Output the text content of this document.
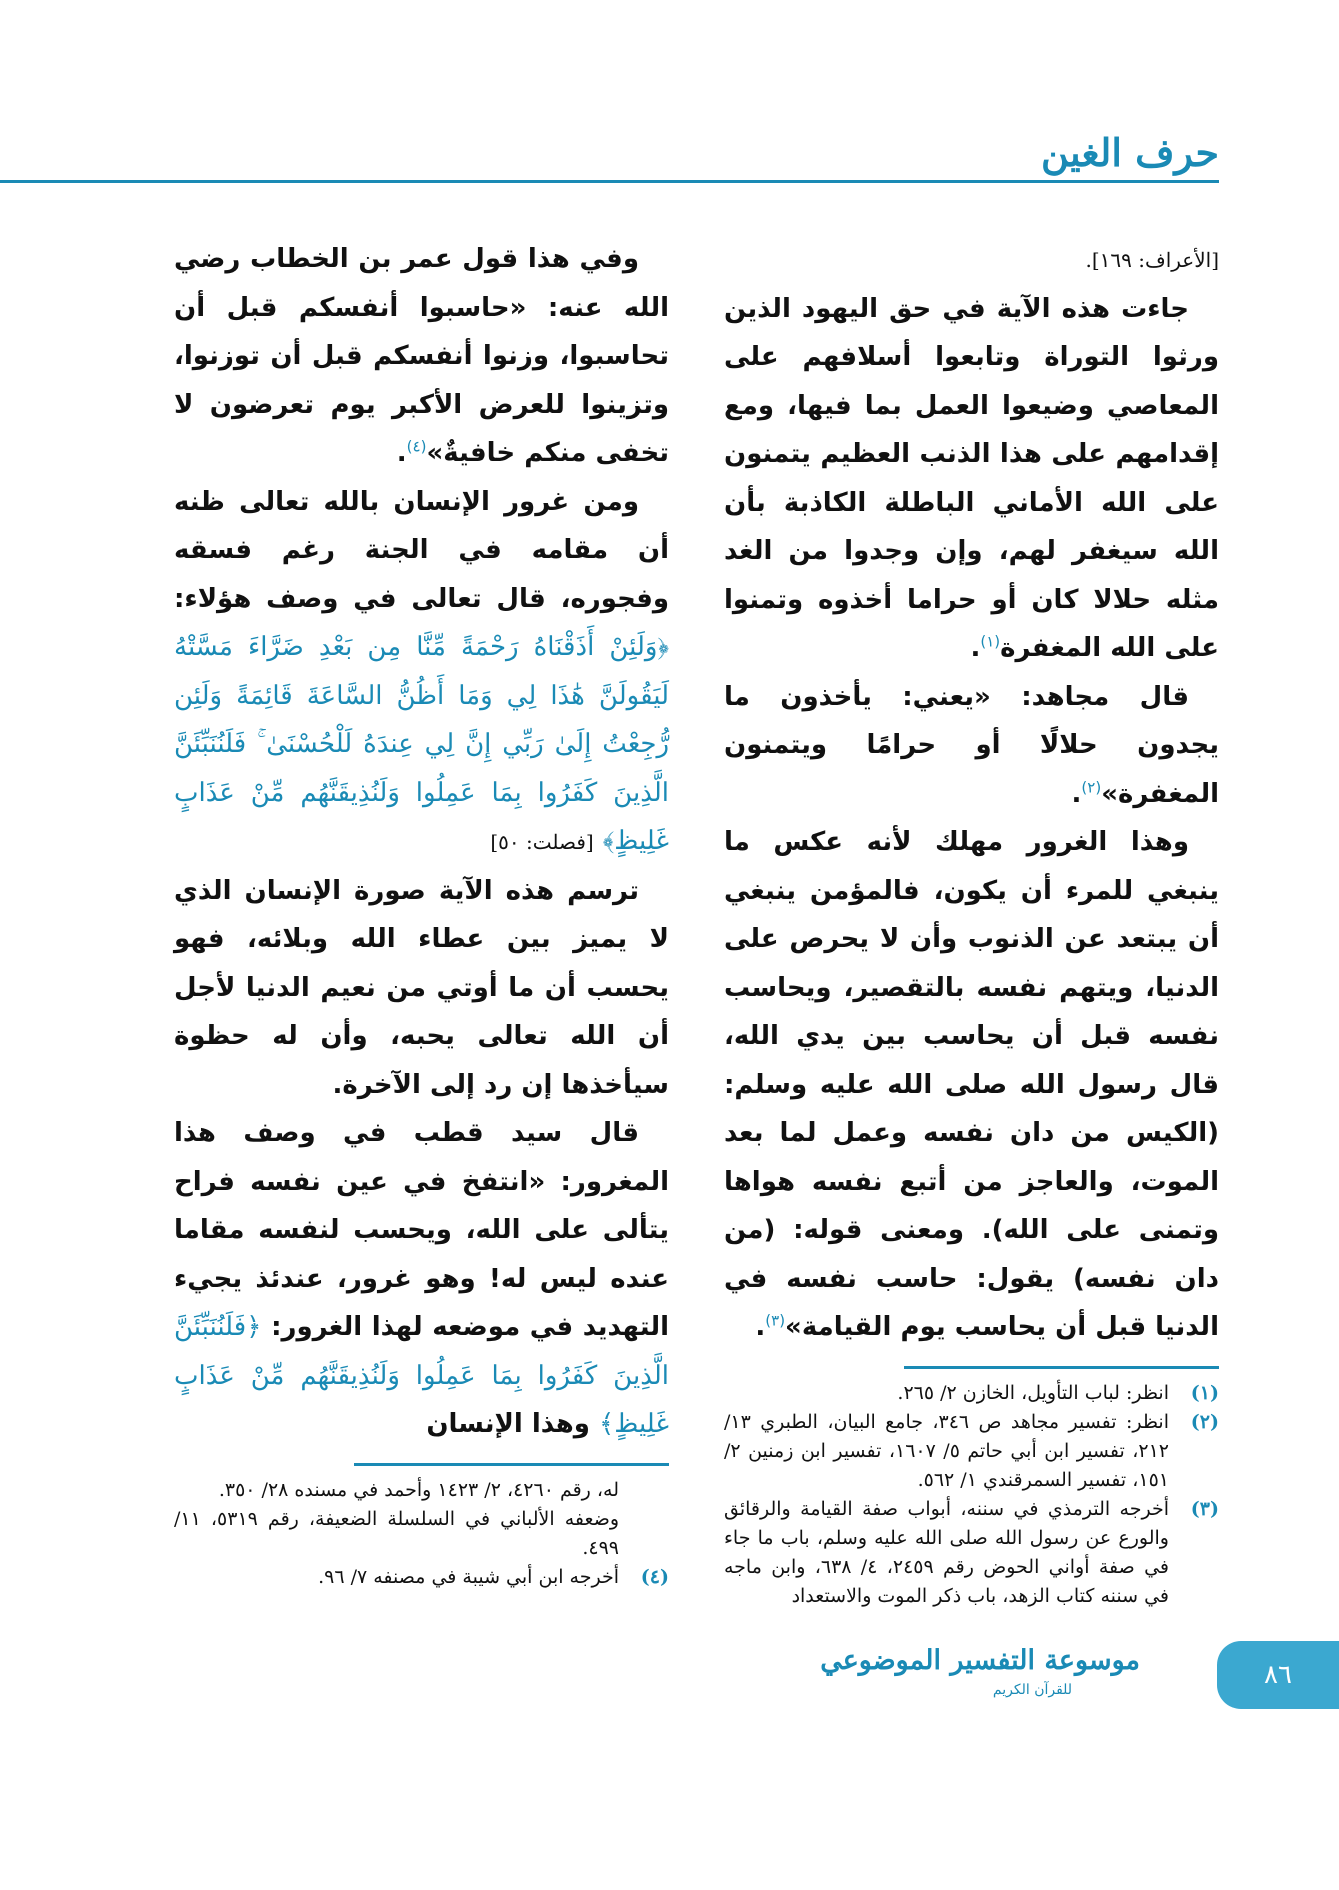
حرف الغين

[الأعراف: ١٦٩].

جاءت هذه الآية في حق اليهود الذين ورثوا التوراة وتابعوا أسلافهم على المعاصي وضيعوا العمل بما فيها، ومع إقدامهم على هذا الذنب العظيم يتمنون على الله الأماني الباطلة الكاذبة بأن الله سيغفر لهم، وإن وجدوا من الغد مثله حلالا كان أو حراما أخذوه وتمنوا على الله المغفرة$^{(١)}$.

قال مجاهد: «يعني: يأخذون ما يجدون حلالًا أو حرامًا ويتمنون المغفرة»$^{(٢)}$.

وهذا الغرور مهلك لأنه عكس ما ينبغي للمرء أن يكون، فالمؤمن ينبغي أن يبتعد عن الذنوب وأن لا يحرص على الدنيا، ويتهم نفسه بالتقصير، ويحاسب نفسه قبل أن يحاسب بين يدي الله، قال رسول الله صلى الله عليه وسلم: (الكيس من دان نفسه وعمل لما بعد الموت، والعاجز من أتبع نفسه هواها وتمنى على الله). ومعنى قوله: (من دان نفسه) يقول: حاسب نفسه في الدنيا قبل أن يحاسب يوم القيامة»$^{(٣)}$.

(١)
انظر: لباب التأويل، الخازن ٢/ ٢٦٥.

(٢)
انظر: تفسير مجاهد ص ٣٤٦، جامع البيان، الطبري ١٣/ ٢١٢، تفسير ابن أبي حاتم ٥/ ١٦٠٧، تفسير ابن زمنين ٢/ ١٥١، تفسير السمرقندي ١/ ٥٦٢.

(٣)
أخرجه الترمذي في سننه، أبواب صفة القيامة والرقائق والورع عن رسول الله صلى الله عليه وسلم، باب ما جاء في صفة أواني الحوض رقم ٢٤٥٩، ٤/ ٦٣٨، وابن ماجه في سننه كتاب الزهد، باب ذكر الموت والاستعداد

وفي هذا قول عمر بن الخطاب رضي الله عنه: «حاسبوا أنفسكم قبل أن تحاسبوا، وزنوا أنفسكم قبل أن توزنوا، وتزينوا للعرض الأكبر يوم تعرضون لا تخفى منكم خافيةٌ»$^{(٤)}$.

ومن غرور الإنسان بالله تعالى ظنه أن مقامه في الجنة رغم فسقه وفجوره، قال تعالى في وصف هؤلاء: ﴿وَلَئِنْ أَذَقْنَاهُ رَحْمَةً مِّنَّا مِن بَعْدِ ضَرَّاءَ مَسَّتْهُ لَيَقُولَنَّ هَٰذَا لِي وَمَا أَظُنُّ السَّاعَةَ قَائِمَةً وَلَئِن رُّجِعْتُ إِلَىٰ رَبِّي إِنَّ لِي عِندَهُ لَلْحُسْنَىٰ ۚ فَلَنُنَبِّئَنَّ الَّذِينَ كَفَرُوا بِمَا عَمِلُوا وَلَنُذِيقَنَّهُم مِّنْ عَذَابٍ غَلِيظٍ﴾ [فصلت: ٥٠]

ترسم هذه الآية صورة الإنسان الذي لا يميز بين عطاء الله وبلائه، فهو يحسب أن ما أوتي من نعيم الدنيا لأجل أن الله تعالى يحبه، وأن له حظوة سيأخذها إن رد إلى الآخرة.

قال سيد قطب في وصف هذا المغرور: «انتفخ في عين نفسه فراح يتألى على الله، ويحسب لنفسه مقاما عنده ليس له! وهو غرور، عندئذ يجيء التهديد في موضعه لهذا الغرور: ﴿فَلَنُنَبِّئَنَّ الَّذِينَ كَفَرُوا بِمَا عَمِلُوا وَلَنُذِيقَنَّهُم مِّنْ عَذَابٍ غَلِيظٍ﴾ وهذا الإنسان

له، رقم ٤٢٦٠، ٢/ ١٤٢٣ وأحمد في مسنده ٢٨/ ٣٥٠.

وضعفه الألباني في السلسلة الضعيفة، رقم ٥٣١٩، ١١/ ٤٩٩.

(٤)
أخرجه ابن أبي شيبة في مصنفه ٧/ ٩٦.

موسوعة التفسير الموضوعي
للقرآن الكريم	٨٦
